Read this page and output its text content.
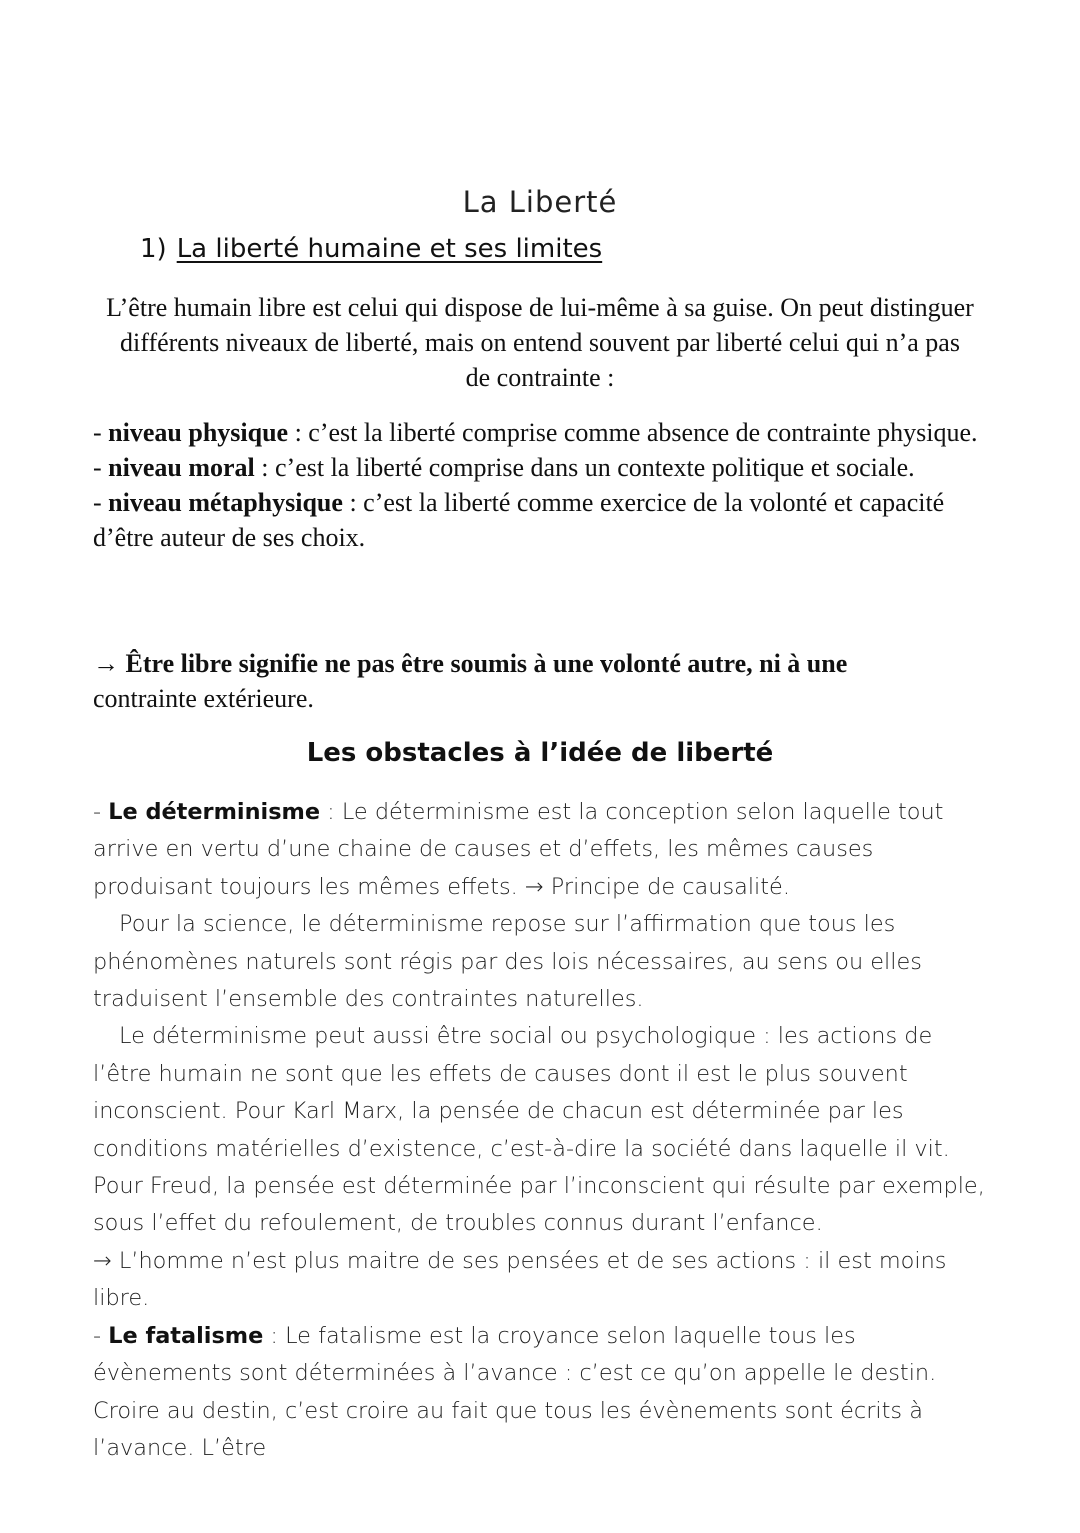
La Liberté
1) La liberté humaine et ses limites

L’être humain libre est celui qui dispose de lui-même à sa guise. On peut distinguer différents niveaux de liberté, mais on entend souvent par liberté celui qui n’a pas de contrainte :

- niveau physique : c’est la liberté comprise comme absence de contrainte physique.
- niveau moral : c’est la liberté comprise dans un contexte politique et sociale.
- niveau métaphysique : c’est la liberté comme exercice de la volonté et capacité d’être auteur de ses choix.

→ Être libre signifie ne pas être soumis à une volonté autre, ni à une
contrainte extérieure.

Les obstacles à l’idée de liberté

- Le déterminisme : Le déterminisme est la conception selon laquelle tout arrive en vertu d’une chaine de causes et d’effets, les mêmes causes produisant toujours les mêmes effets. → Principe de causalité.

Pour la science, le déterminisme repose sur l’affirmation que tous les phénomènes naturels sont régis par des lois nécessaires, au sens ou elles traduisent l’ensemble des contraintes naturelles.

Le déterminisme peut aussi être social ou psychologique : les actions de l’être humain ne sont que les effets de causes dont il est le plus souvent inconscient. Pour Karl Marx, la pensée de chacun est déterminée par les conditions matérielles d’existence, c’est-à-dire la société dans laquelle il vit. Pour Freud, la pensée est déterminée par l’inconscient qui résulte par exemple, sous l’effet du refoulement, de troubles connus durant l’enfance.

→ L’homme n’est plus maitre de ses pensées et de ses actions : il est moins libre.

- Le fatalisme : Le fatalisme est la croyance selon laquelle tous les évènements sont déterminées à l’avance : c’est ce qu’on appelle le destin. Croire au destin, c’est croire au fait que tous les évènements sont écrits à l’avance. L’être
